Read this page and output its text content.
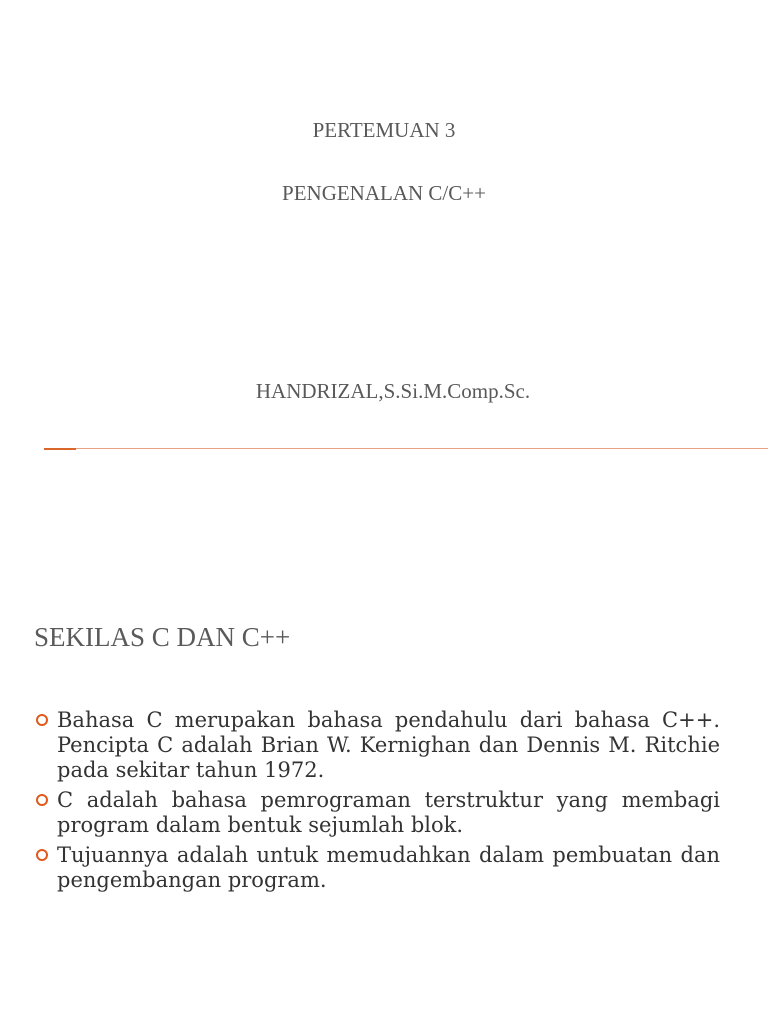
PERTEMUAN 3
PENGENALAN C/C++
HANDRIZAL,S.Si.M.Comp.Sc.
SEKILAS C DAN C++
Bahasa C merupakan bahasa pendahulu dari bahasa C++. Pencipta C adalah Brian W. Kernighan dan Dennis M. Ritchie pada sekitar tahun 1972.
C adalah bahasa pemrograman terstruktur yang membagi program dalam bentuk sejumlah blok.
Tujuannya adalah untuk memudahkan dalam pembuatan dan pengembangan program.
